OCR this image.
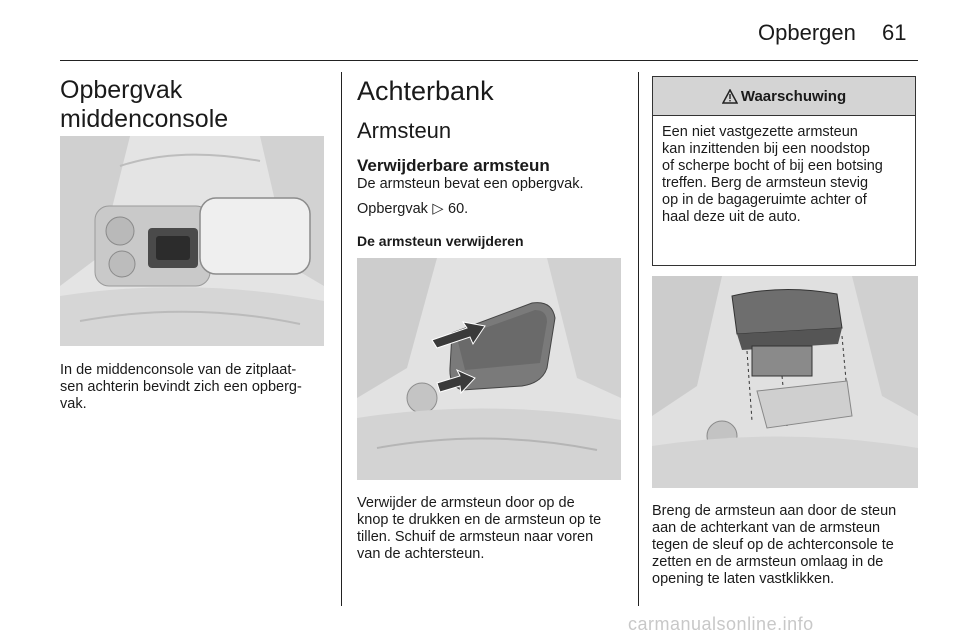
Opbergen 61
Opbergvak
middenconsole
In de middenconsole van de zitplaat-
sen achterin bevindt zich een opberg-
vak.
Achterbank
Armsteun
Verwijderbare armsteun
De armsteun bevat een opbergvak.
Opbergvak ▷ 60.
De armsteun verwijderen
Verwijder de armsteun door op de
knop te drukken en de armsteun op te
tillen. Schuif de armsteun naar voren
van de achtersteun.
Waarschuwing
Een niet vastgezette armsteun
kan inzittenden bij een noodstop
of scherpe bocht of bij een botsing
treffen. Berg de armsteun stevig
op in de bagageruimte achter of
haal deze uit de auto.
Breng de armsteun aan door de steun
aan de achterkant van de armsteun
tegen de sleuf op de achterconsole te
zetten en de armsteun omlaag in de
opening te laten vastklikken.
carmanualsonline.info
